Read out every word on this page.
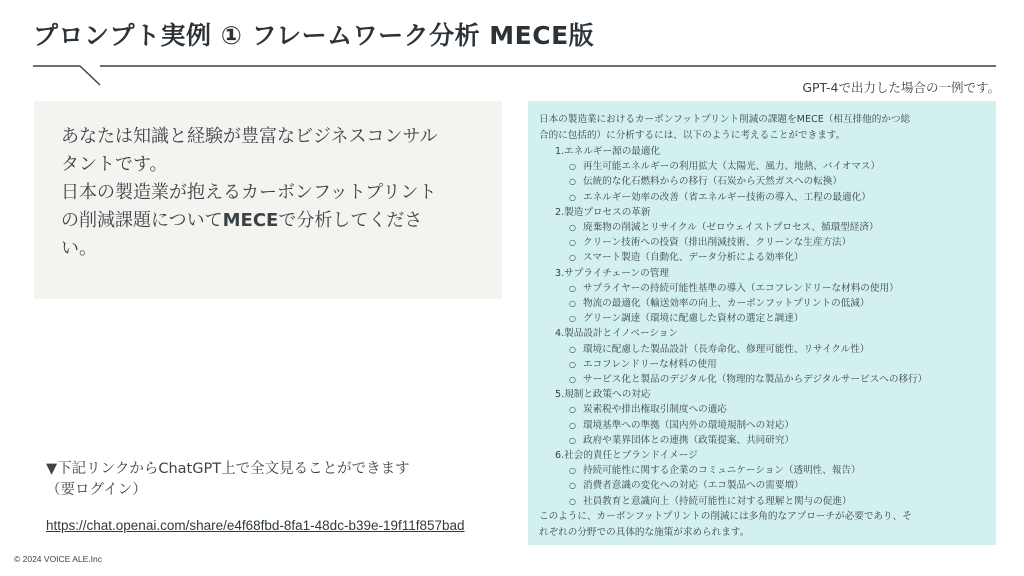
プロンプト実例 ① フレームワーク分析 MECE版
GPT-4で出力した場合の一例です。
あなたは知識と経験が豊富なビジネスコンサル
タントです。
日本の製造業が抱えるカーボンフットプリント
の削減課題についてMECEで分析してくださ
い。
▼下記リンクからChatGPT上で全文見ることができます
（要ログイン）
https://chat.openai.com/share/e4f68fbd-8fa1-48dc-b39e-19f11f857bad
© 2024 VOICE ALE.Inc
日本の製造業におけるカーボンフットプリント削減の課題をMECE（相互排他的かつ総
合的に包括的）に分析するには、以下のように考えることができます。
1.エネルギー源の最適化
○ 再生可能エネルギーの利用拡大（太陽光、風力、地熱、バイオマス）
○ 伝統的な化石燃料からの移行（石炭から天然ガスへの転換）
○ エネルギー効率の改善（省エネルギー技術の導入、工程の最適化）
2.製造プロセスの革新
○ 廃棄物の削減とリサイクル（ゼロウェイストプロセス、循環型経済）
○ クリーン技術への投資（排出削減技術、クリーンな生産方法）
○ スマート製造（自動化、データ分析による効率化）
3.サプライチェーンの管理
○ サプライヤーの持続可能性基準の導入（エコフレンドリーな材料の使用）
○ 物流の最適化（輸送効率の向上、カーボンフットプリントの低減）
○ グリーン調達（環境に配慮した資材の選定と調達）
4.製品設計とイノベーション
○ 環境に配慮した製品設計（長寿命化、修理可能性、リサイクル性）
○ エコフレンドリーな材料の使用
○ サービス化と製品のデジタル化（物理的な製品からデジタルサービスへの移行）
5.規制と政策への対応
○ 炭素税や排出権取引制度への適応
○ 環境基準への準拠（国内外の環境規制への対応）
○ 政府や業界団体との連携（政策提案、共同研究）
6.社会的責任とブランドイメージ
○ 持続可能性に関する企業のコミュニケーション（透明性、報告）
○ 消費者意識の変化への対応（エコ製品への需要増）
○ 社員教育と意識向上（持続可能性に対する理解と関与の促進）
このように、カーボンフットプリントの削減には多角的なアプローチが必要であり、そ
れぞれの分野での具体的な施策が求められます。
